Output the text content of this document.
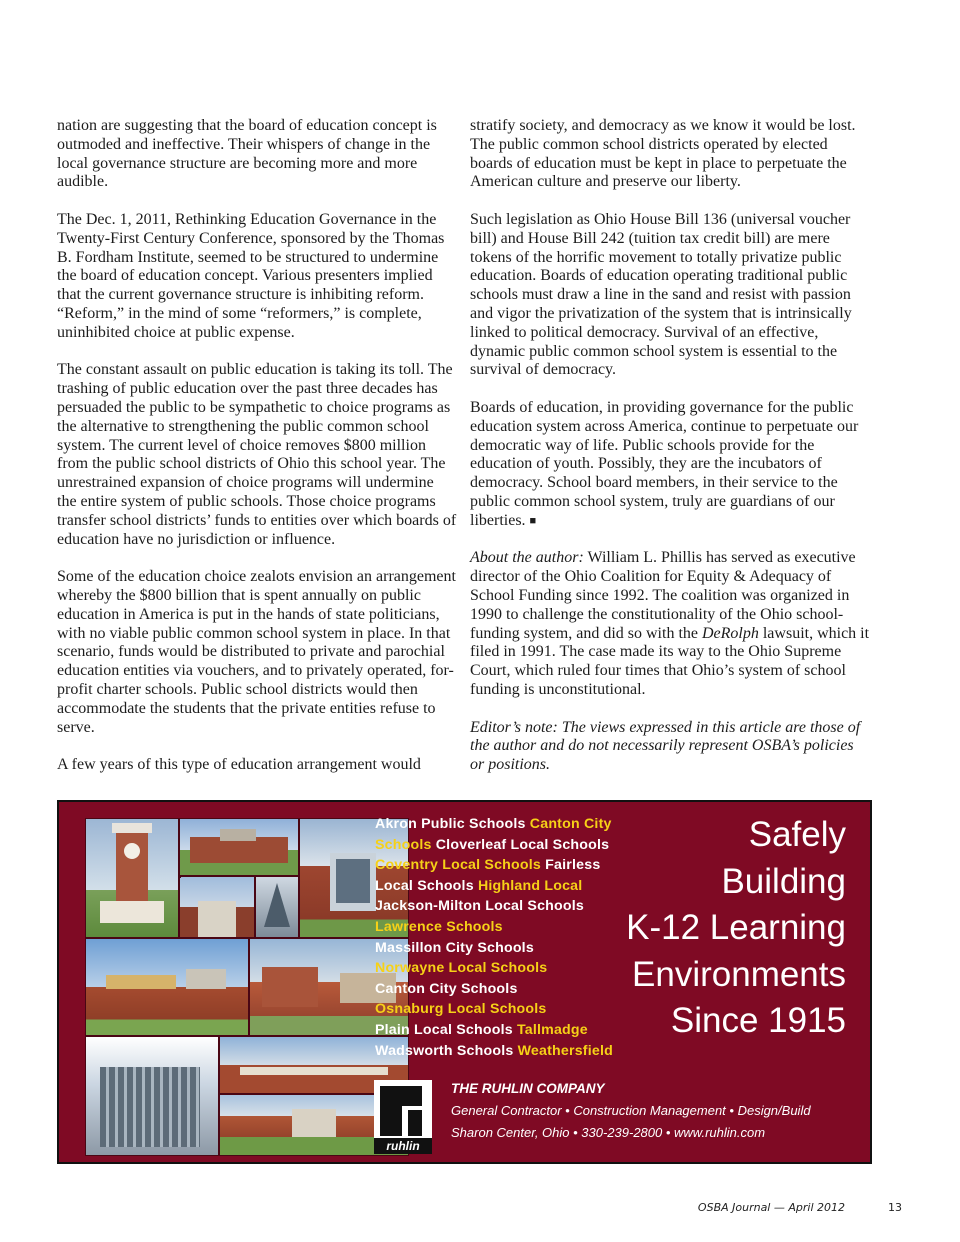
nation are suggesting that the board of education concept is outmoded and ineffective. Their whispers of change in the local governance structure are becoming more and more audible.

The Dec. 1, 2011, Rethinking Education Governance in the Twenty-First Century Conference, sponsored by the Thomas B. Fordham Institute, seemed to be structured to undermine the board of education concept. Various presenters implied that the current governance structure is inhibiting reform. “Reform,” in the mind of some “reformers,” is complete, uninhibited choice at public expense.

The constant assault on public education is taking its toll. The trashing of public education over the past three decades has persuaded the public to be sympathetic to choice programs as the alternative to strengthening the public common school system. The current level of choice removes $800 million from the public school districts of Ohio this school year. The unrestrained expansion of choice programs will undermine the entire system of public schools. Those choice programs transfer school districts’ funds to entities over which boards of education have no jurisdiction or influence.

Some of the education choice zealots envision an arrangement whereby the $800 billion that is spent annually on public education in America is put in the hands of state politicians, with no viable public common school system in place. In that scenario, funds would be distributed to private and parochial education entities via vouchers, and to privately operated, for-profit charter schools. Public school districts would then accommodate the students that the private entities refuse to serve.

A few years of this type of education arrangement would

stratify society, and democracy as we know it would be lost. The public common school districts operated by elected boards of education must be kept in place to perpetuate the American culture and preserve our liberty.

Such legislation as Ohio House Bill 136 (universal voucher bill) and House Bill 242 (tuition tax credit bill) are mere tokens of the horrific movement to totally privatize public education. Boards of education operating traditional public schools must draw a line in the sand and resist with passion and vigor the privatization of the system that is intrinsically linked to political democracy. Survival of an effective, dynamic public common school system is essential to the survival of democracy.

Boards of education, in providing governance for the public education system across America, continue to perpetuate our democratic way of life. Public schools provide for the education of youth. Possibly, they are the incubators of democracy. School board members, in their service to the public common school system, truly are guardians of our liberties. ■

About the author: William L. Phillis has served as executive director of the Ohio Coalition for Equity & Adequacy of School Funding since 1992. The coalition was organized in 1990 to challenge the constitutionality of the Ohio school-funding system, and did so with the DeRolph lawsuit, which it filed in 1991. The case made its way to the Ohio Supreme Court, which ruled four times that Ohio’s system of school funding is unconstitutional.

Editor’s note: The views expressed in this article are those of the author and do not necessarily represent OSBA’s policies or positions.

Akron Public Schools Canton City
Schools Cloverleaf Local Schools
Coventry Local Schools Fairless
Local Schools Highland Local
Jackson-Milton Local Schools
Lawrence Schools
Massillon City Schools
Norwayne Local Schools
Canton City Schools
Osnaburg Local Schools
Plain Local Schools Tallmadge
Wadsworth Schools Weathersfield
Safely
Building
K-12 Learning
Environments
Since 1915
ruhlin
THE RUHLIN COMPANY
General Contractor • Construction Management • Design/Build
Sharon Center, Ohio • 330-239-2800 • www.ruhlin.com
OSBA Journal — April 2012	13
